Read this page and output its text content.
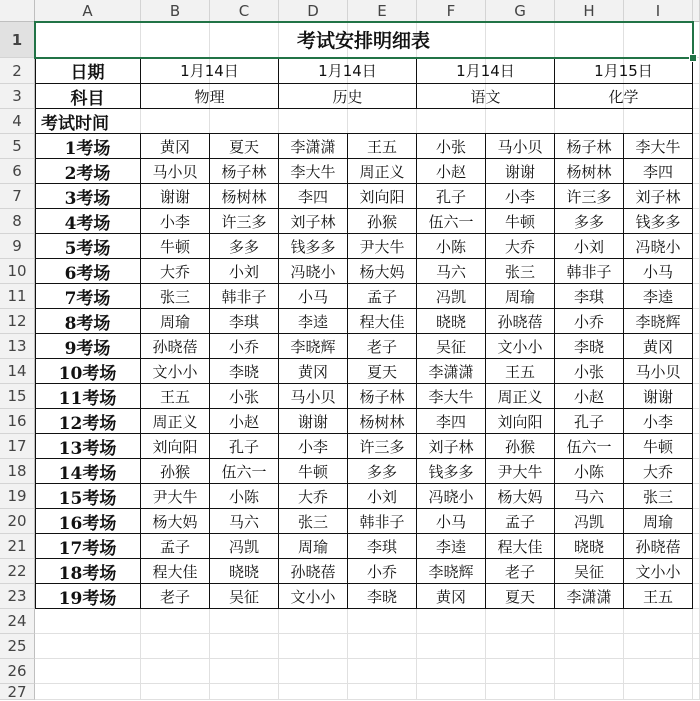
A	B	C	D	E	F	G	H	I
1
2
3
4
5
6
7
8
9
10
11
12
13
14
15
16
17
18
19
20
21
22
23
24
25
26
27
考试安排明细表
日期	1月14日	1月14日	1月14日	1月15日
科目	物理	历史	语文	化学
考试时间
1考场	黄冈	夏天	李潇潇	王五	小张	马小贝	杨子林	李大牛
2考场	马小贝	杨子林	李大牛	周正义	小赵	谢谢	杨树林	李四
3考场	谢谢	杨树林	李四	刘向阳	孔子	小李	许三多	刘子林
4考场	小李	许三多	刘子林	孙猴	伍六一	牛顿	多多	钱多多
5考场	牛顿	多多	钱多多	尹大牛	小陈	大乔	小刘	冯晓小
6考场	大乔	小刘	冯晓小	杨大妈	马六	张三	韩非子	小马
7考场	张三	韩非子	小马	孟子	冯凯	周瑜	李琪	李逵
8考场	周瑜	李琪	李逵	程大佳	晓晓	孙晓蓓	小乔	李晓辉
9考场	孙晓蓓	小乔	李晓辉	老子	吴征	文小小	李晓	黄冈
10考场	文小小	李晓	黄冈	夏天	李潇潇	王五	小张	马小贝
11考场	王五	小张	马小贝	杨子林	李大牛	周正义	小赵	谢谢
12考场	周正义	小赵	谢谢	杨树林	李四	刘向阳	孔子	小李
13考场	刘向阳	孔子	小李	许三多	刘子林	孙猴	伍六一	牛顿
14考场	孙猴	伍六一	牛顿	多多	钱多多	尹大牛	小陈	大乔
15考场	尹大牛	小陈	大乔	小刘	冯晓小	杨大妈	马六	张三
16考场	杨大妈	马六	张三	韩非子	小马	孟子	冯凯	周瑜
17考场	孟子	冯凯	周瑜	李琪	李逵	程大佳	晓晓	孙晓蓓
18考场	程大佳	晓晓	孙晓蓓	小乔	李晓辉	老子	吴征	文小小
19考场	老子	吴征	文小小	李晓	黄冈	夏天	李潇潇	王五
